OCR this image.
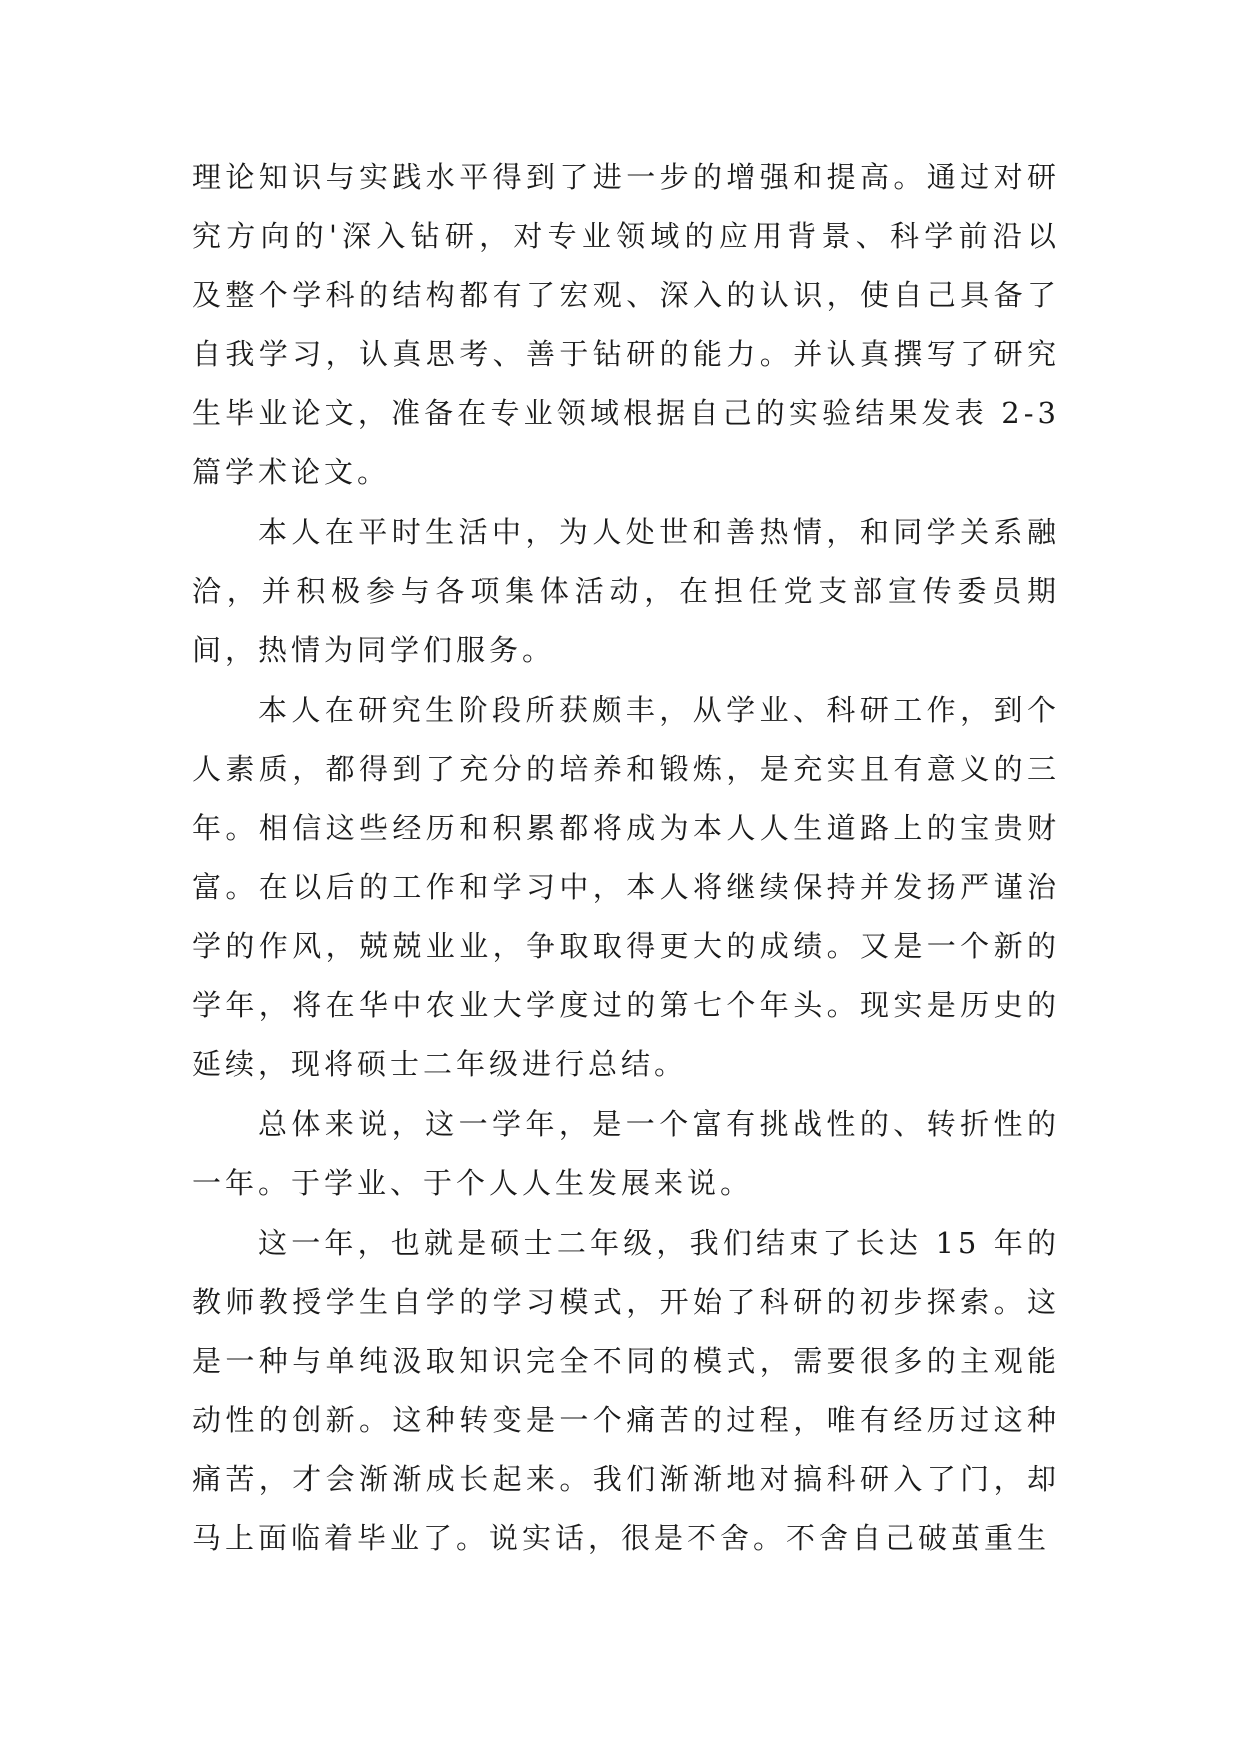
理论知识与实践水平得到了进一步的增强和提高。通过对研究方向的'深入钻研，对专业领域的应用背景、科学前沿以及整个学科的结构都有了宏观、深入的认识，使自己具备了自我学习，认真思考、善于钻研的能力。并认真撰写了研究生毕业论文，准备在专业领域根据自己的实验结果发表 2-3 篇学术论文。

本人在平时生活中，为人处世和善热情，和同学关系融洽，并积极参与各项集体活动，在担任党支部宣传委员期间，热情为同学们服务。

本人在研究生阶段所获颇丰，从学业、科研工作，到个人素质，都得到了充分的培养和锻炼，是充实且有意义的三年。相信这些经历和积累都将成为本人人生道路上的宝贵财富。在以后的工作和学习中，本人将继续保持并发扬严谨治学的作风，兢兢业业，争取取得更大的成绩。又是一个新的学年，将在华中农业大学度过的第七个年头。现实是历史的延续，现将硕士二年级进行总结。

总体来说，这一学年，是一个富有挑战性的、转折性的一年。于学业、于个人人生发展来说。

这一年，也就是硕士二年级，我们结束了长达 15 年的教师教授学生自学的学习模式，开始了科研的初步探索。这是一种与单纯汲取知识完全不同的模式，需要很多的主观能动性的创新。这种转变是一个痛苦的过程，唯有经历过这种痛苦，才会渐渐成长起来。我们渐渐地对搞科研入了门，却马上面临着毕业了。说实话，很是不舍。不舍自己破茧重生
